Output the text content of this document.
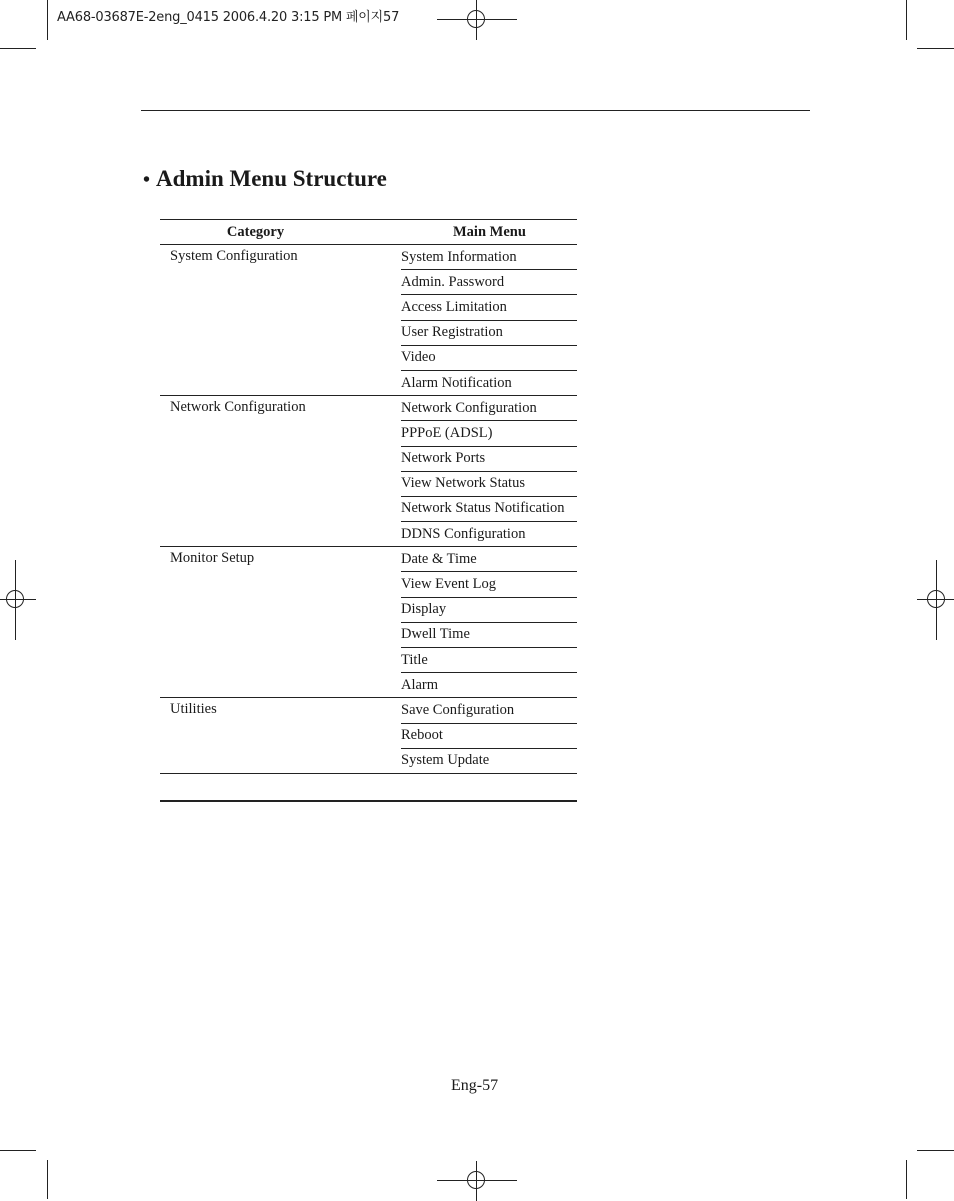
AA68-03687E-2eng_0415 2006.4.20 3:15 PM 페이지57
• Admin Menu Structure
Category	Main Menu
System Configuration	System Information

	Admin. Password

	Access Limitation

	User Registration

	Video

	Alarm Notification

Network Configuration	Network Configuration

	PPPoE (ADSL)

	Network Ports

	View Network Status

	Network Status Notification

	DDNS Configuration

Monitor Setup	Date & Time

	View Event Log

	Display

	Dwell Time

	Title

	Alarm

Utilities	Save Configuration

	Reboot

	System Update
Eng-57
